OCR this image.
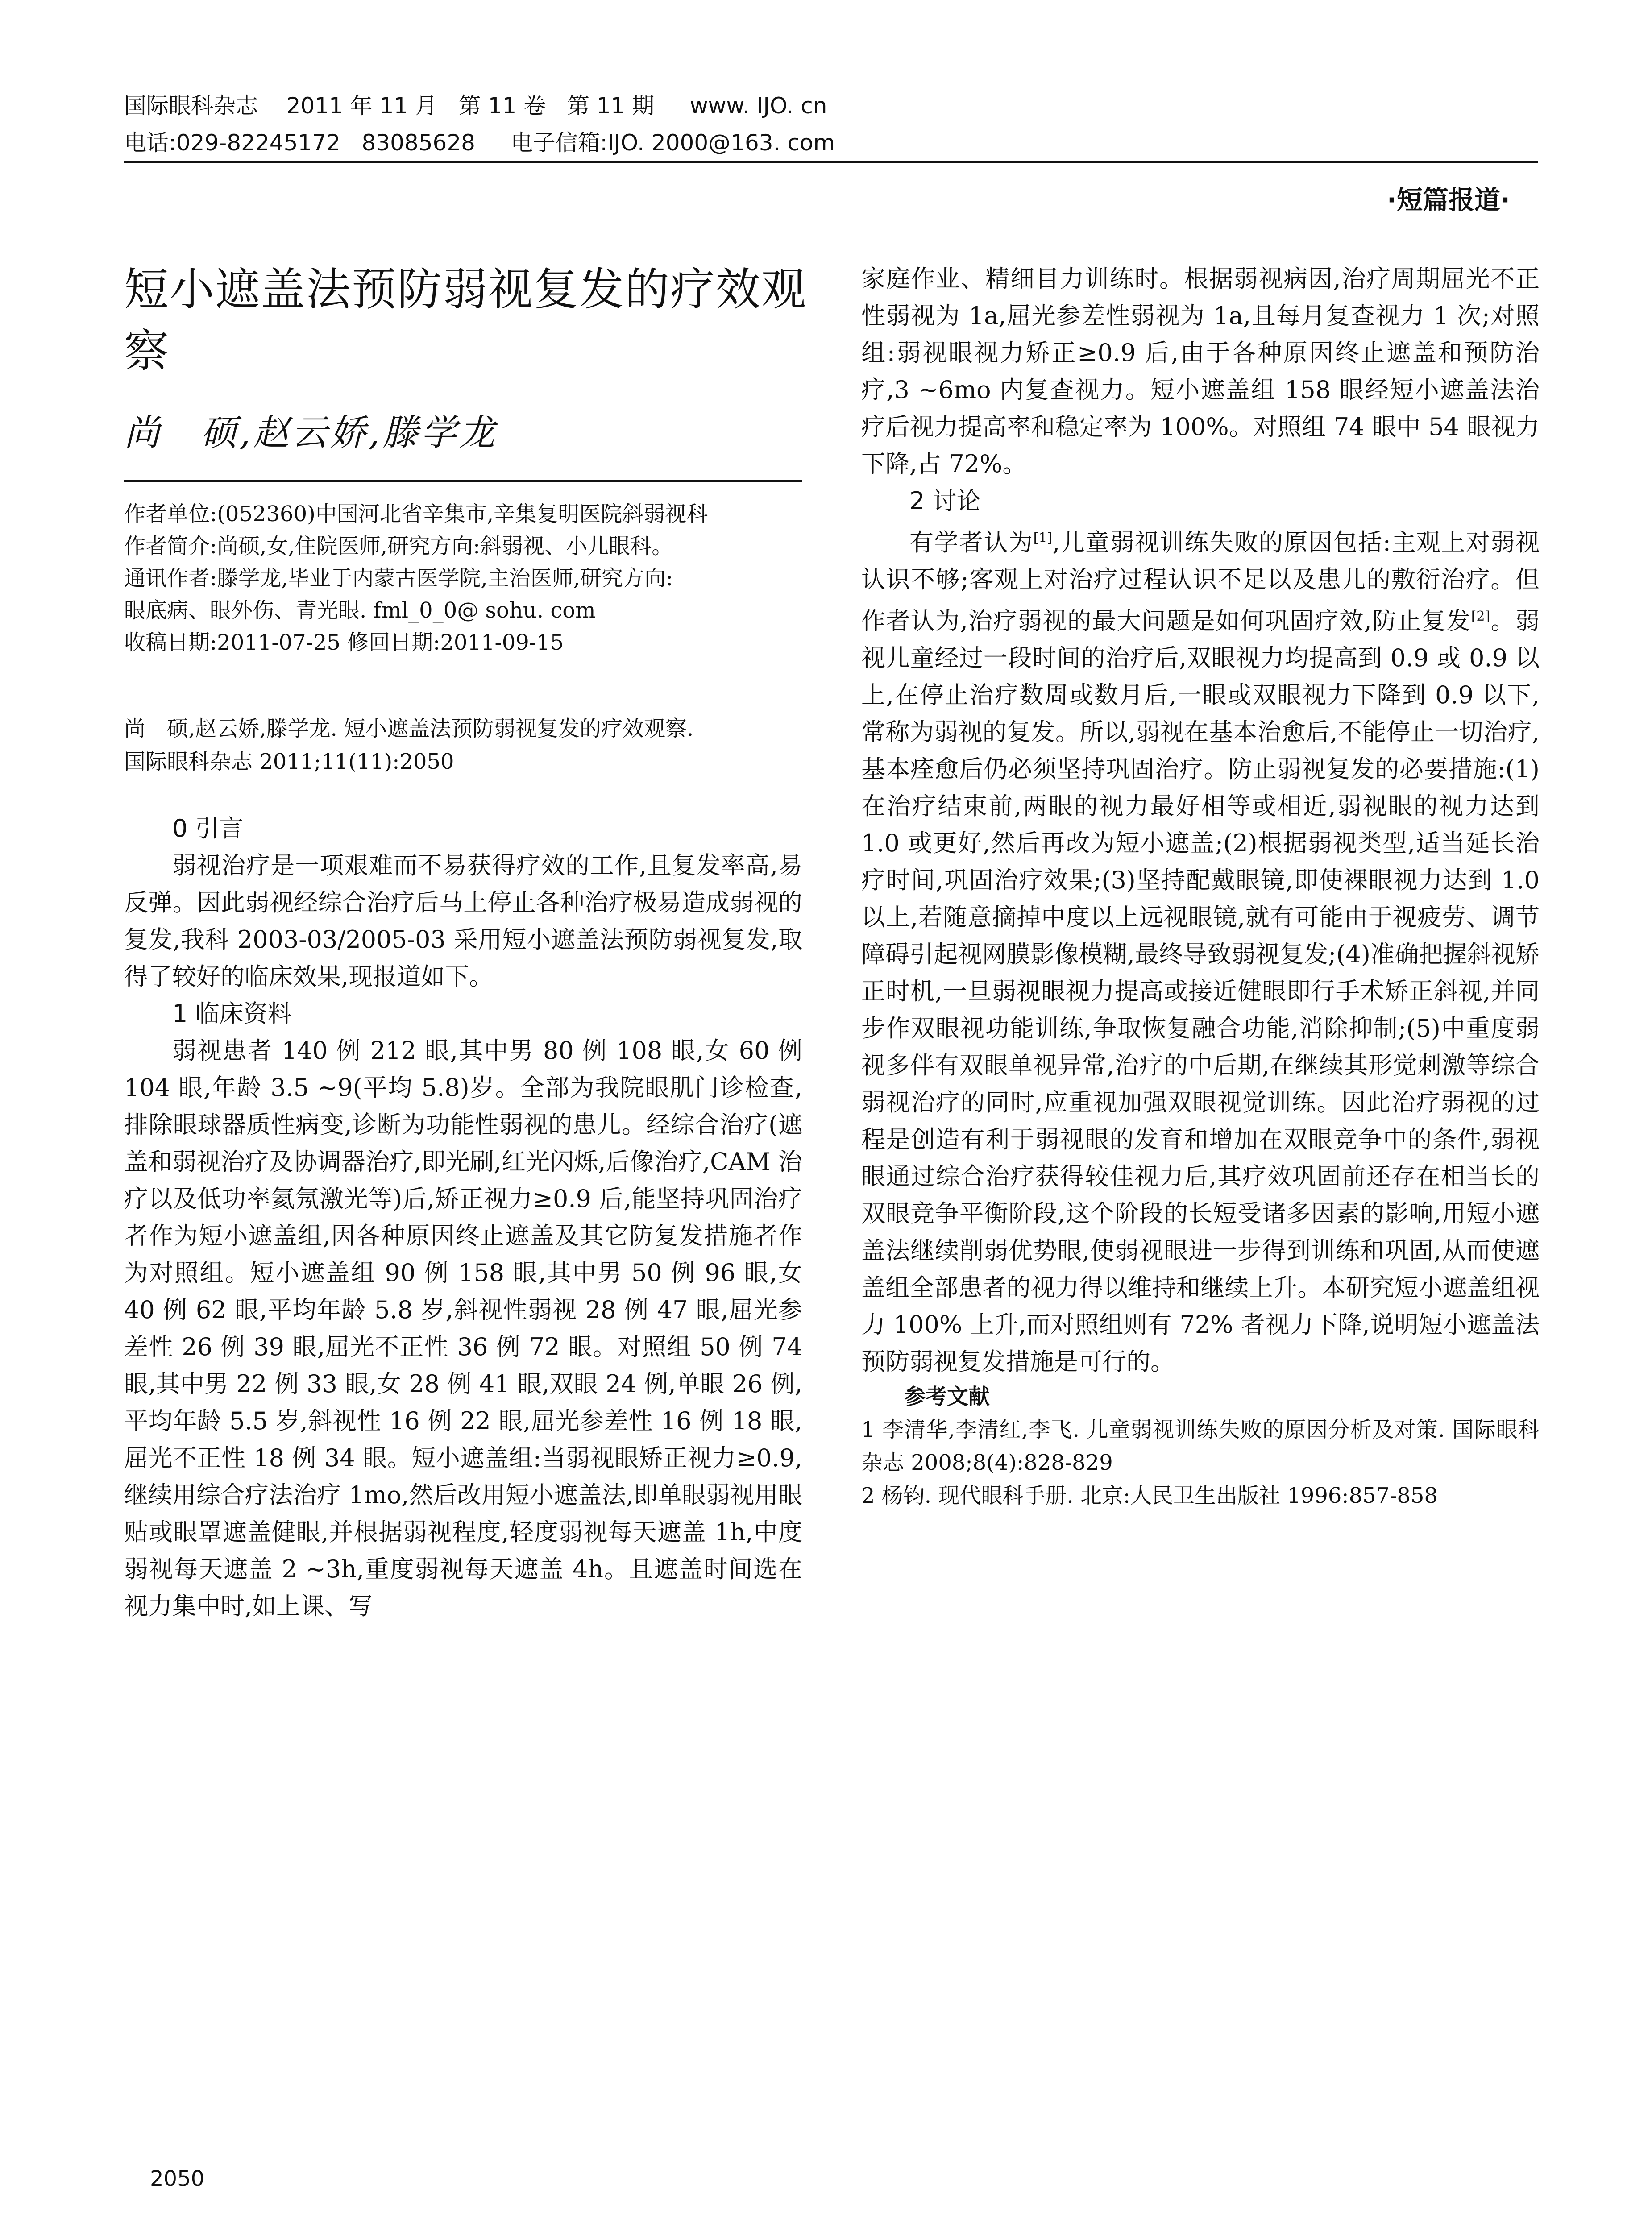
国际眼科杂志    2011 年 11 月   第 11 卷   第 11 期     www. IJO. cn
电话:029-82245172   83085628     电子信箱:IJO. 2000@163. com
·短篇报道·
短小遮盖法预防弱视复发的疗效观察
尚　硕,赵云娇,滕学龙

作者单位:(052360)中国河北省辛集市,辛集复明医院斜弱视科

作者简介:尚硕,女,住院医师,研究方向:斜弱视、小儿眼科。

通讯作者:滕学龙,毕业于内蒙古医学院,主治医师,研究方向:

眼底病、眼外伤、青光眼. fml_0_0@ sohu. com

收稿日期:2011-07-25 修回日期:2011-09-15

尚　硕,赵云娇,滕学龙. 短小遮盖法预防弱视复发的疗效观察.

国际眼科杂志 2011;11(11):2050

0 引言

弱视治疗是一项艰难而不易获得疗效的工作,且复发率高,易反弹。因此弱视经综合治疗后马上停止各种治疗极易造成弱视的复发,我科 2003-03/2005-03 采用短小遮盖法预防弱视复发,取得了较好的临床效果,现报道如下。

1 临床资料

弱视患者 140 例 212 眼,其中男 80 例 108 眼,女 60 例 104 眼,年龄 3.5 ~9(平均 5.8)岁。全部为我院眼肌门诊检查,排除眼球器质性病变,诊断为功能性弱视的患儿。经综合治疗(遮盖和弱视治疗及协调器治疗,即光刷,红光闪烁,后像治疗,CAM 治疗以及低功率氦氖激光等)后,矫正视力≥0.9 后,能坚持巩固治疗者作为短小遮盖组,因各种原因终止遮盖及其它防复发措施者作为对照组。短小遮盖组 90 例 158 眼,其中男 50 例 96 眼,女 40 例 62 眼,平均年龄 5.8 岁,斜视性弱视 28 例 47 眼,屈光参差性 26 例 39 眼,屈光不正性 36 例 72 眼。对照组 50 例 74 眼,其中男 22 例 33 眼,女 28 例 41 眼,双眼 24 例,单眼 26 例,平均年龄 5.5 岁,斜视性 16 例 22 眼,屈光参差性 16 例 18 眼,屈光不正性 18 例 34 眼。短小遮盖组:当弱视眼矫正视力≥0.9,继续用综合疗法治疗 1mo,然后改用短小遮盖法,即单眼弱视用眼贴或眼罩遮盖健眼,并根据弱视程度,轻度弱视每天遮盖 1h,中度弱视每天遮盖 2 ~3h,重度弱视每天遮盖 4h。且遮盖时间选在视力集中时,如上课、写

家庭作业、精细目力训练时。根据弱视病因,治疗周期屈光不正性弱视为 1a,屈光参差性弱视为 1a,且每月复查视力 1 次;对照组:弱视眼视力矫正≥0.9 后,由于各种原因终止遮盖和预防治疗,3 ~6mo 内复查视力。短小遮盖组 158 眼经短小遮盖法治疗后视力提高率和稳定率为 100%。对照组 74 眼中 54 眼视力下降,占 72%。

2 讨论

有学者认为[1],儿童弱视训练失败的原因包括:主观上对弱视认识不够;客观上对治疗过程认识不足以及患儿的敷衍治疗。但作者认为,治疗弱视的最大问题是如何巩固疗效,防止复发[2]。弱视儿童经过一段时间的治疗后,双眼视力均提高到 0.9 或 0.9 以上,在停止治疗数周或数月后,一眼或双眼视力下降到 0.9 以下,常称为弱视的复发。所以,弱视在基本治愈后,不能停止一切治疗,基本痊愈后仍必须坚持巩固治疗。防止弱视复发的必要措施:(1)在治疗结束前,两眼的视力最好相等或相近,弱视眼的视力达到 1.0 或更好,然后再改为短小遮盖;(2)根据弱视类型,适当延长治疗时间,巩固治疗效果;(3)坚持配戴眼镜,即使裸眼视力达到 1.0 以上,若随意摘掉中度以上远视眼镜,就有可能由于视疲劳、调节障碍引起视网膜影像模糊,最终导致弱视复发;(4)准确把握斜视矫正时机,一旦弱视眼视力提高或接近健眼即行手术矫正斜视,并同步作双眼视功能训练,争取恢复融合功能,消除抑制;(5)中重度弱视多伴有双眼单视异常,治疗的中后期,在继续其形觉刺激等综合弱视治疗的同时,应重视加强双眼视觉训练。因此治疗弱视的过程是创造有利于弱视眼的发育和增加在双眼竞争中的条件,弱视眼通过综合治疗获得较佳视力后,其疗效巩固前还存在相当长的双眼竞争平衡阶段,这个阶段的长短受诸多因素的影响,用短小遮盖法继续削弱优势眼,使弱视眼进一步得到训练和巩固,从而使遮盖组全部患者的视力得以维持和继续上升。本研究短小遮盖组视力 100% 上升,而对照组则有 72% 者视力下降,说明短小遮盖法预防弱视复发措施是可行的。

参考文献

1 李清华,李清红,李飞. 儿童弱视训练失败的原因分析及对策. 国际眼科杂志 2008;8(4):828-829

2 杨钧. 现代眼科手册. 北京:人民卫生出版社 1996:857-858

2050
